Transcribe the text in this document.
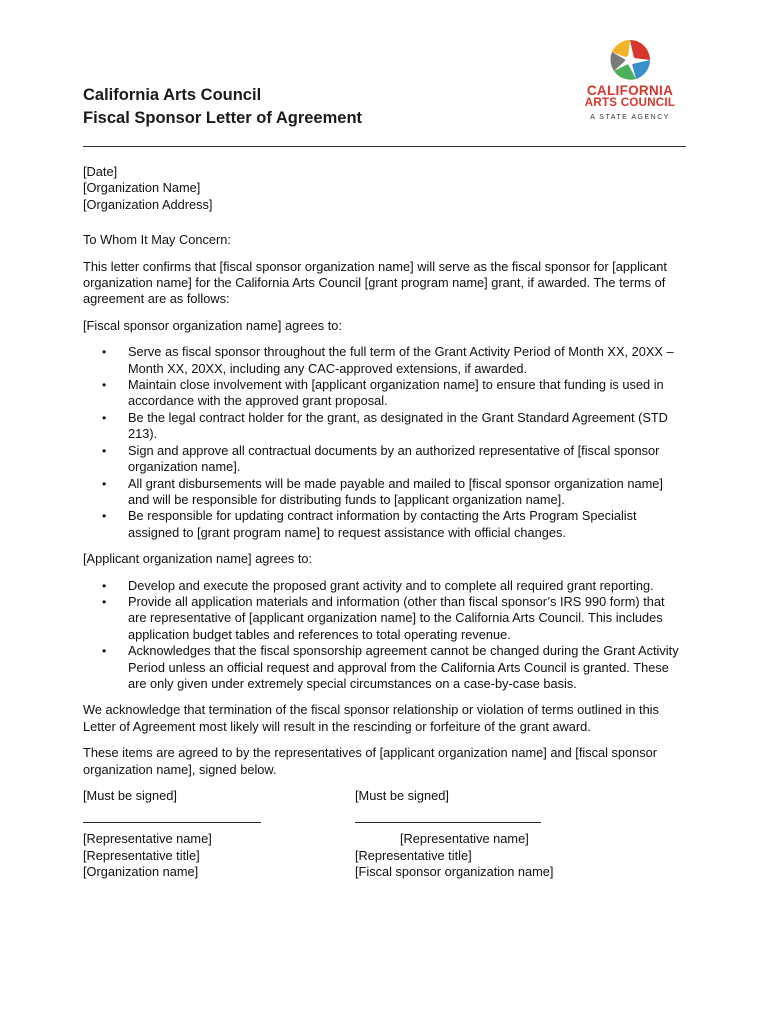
California Arts Council
Fiscal Sponsor Letter of Agreement
CALIFORNIA
ARTS COUNCIL
A STATE AGENCY

[Date]

[Organization Name]

[Organization Address]

To Whom It May Concern:

This letter confirms that [fiscal sponsor organization name] will serve as the fiscal sponsor for [applicant organization name] for the California Arts Council [grant program name] grant, if awarded. The terms of agreement are as follows:

[Fiscal sponsor organization name] agrees to:

• Serve as fiscal sponsor throughout the full term of the Grant Activity Period of Month XX, 20XX – Month XX, 20XX, including any CAC-approved extensions, if awarded.
• Maintain close involvement with [applicant organization name] to ensure that funding is used in accordance with the approved grant proposal.
• Be the legal contract holder for the grant, as designated in the Grant Standard Agreement (STD 213).
• Sign and approve all contractual documents by an authorized representative of [fiscal sponsor organization name].
• All grant disbursements will be made payable and mailed to [fiscal sponsor organization name] and will be responsible for distributing funds to [applicant organization name].
• Be responsible for updating contract information by contacting the Arts Program Specialist assigned to [grant program name] to request assistance with official changes.

[Applicant organization name] agrees to:

• Develop and execute the proposed grant activity and to complete all required grant reporting.
• Provide all application materials and information (other than fiscal sponsor’s IRS 990 form) that are representative of [applicant organization name] to the California Arts Council. This includes application budget tables and references to total operating revenue.
• Acknowledges that the fiscal sponsorship agreement cannot be changed during the Grant Activity Period unless an official request and approval from the California Arts Council is granted. These are only given under extremely special circumstances on a case-by-case basis.

We acknowledge that termination of the fiscal sponsor relationship or violation of terms outlined in this Letter of Agreement most likely will result in the rescinding or forfeiture of the grant award.

These items are agreed to by the representatives of [applicant organization name] and [fiscal sponsor organization name], signed below.

[Must be signed]
[Representative name]
[Representative title]
[Organization name]
[Must be signed]
[Representative name]
[Representative title]
[Fiscal sponsor organization name]
